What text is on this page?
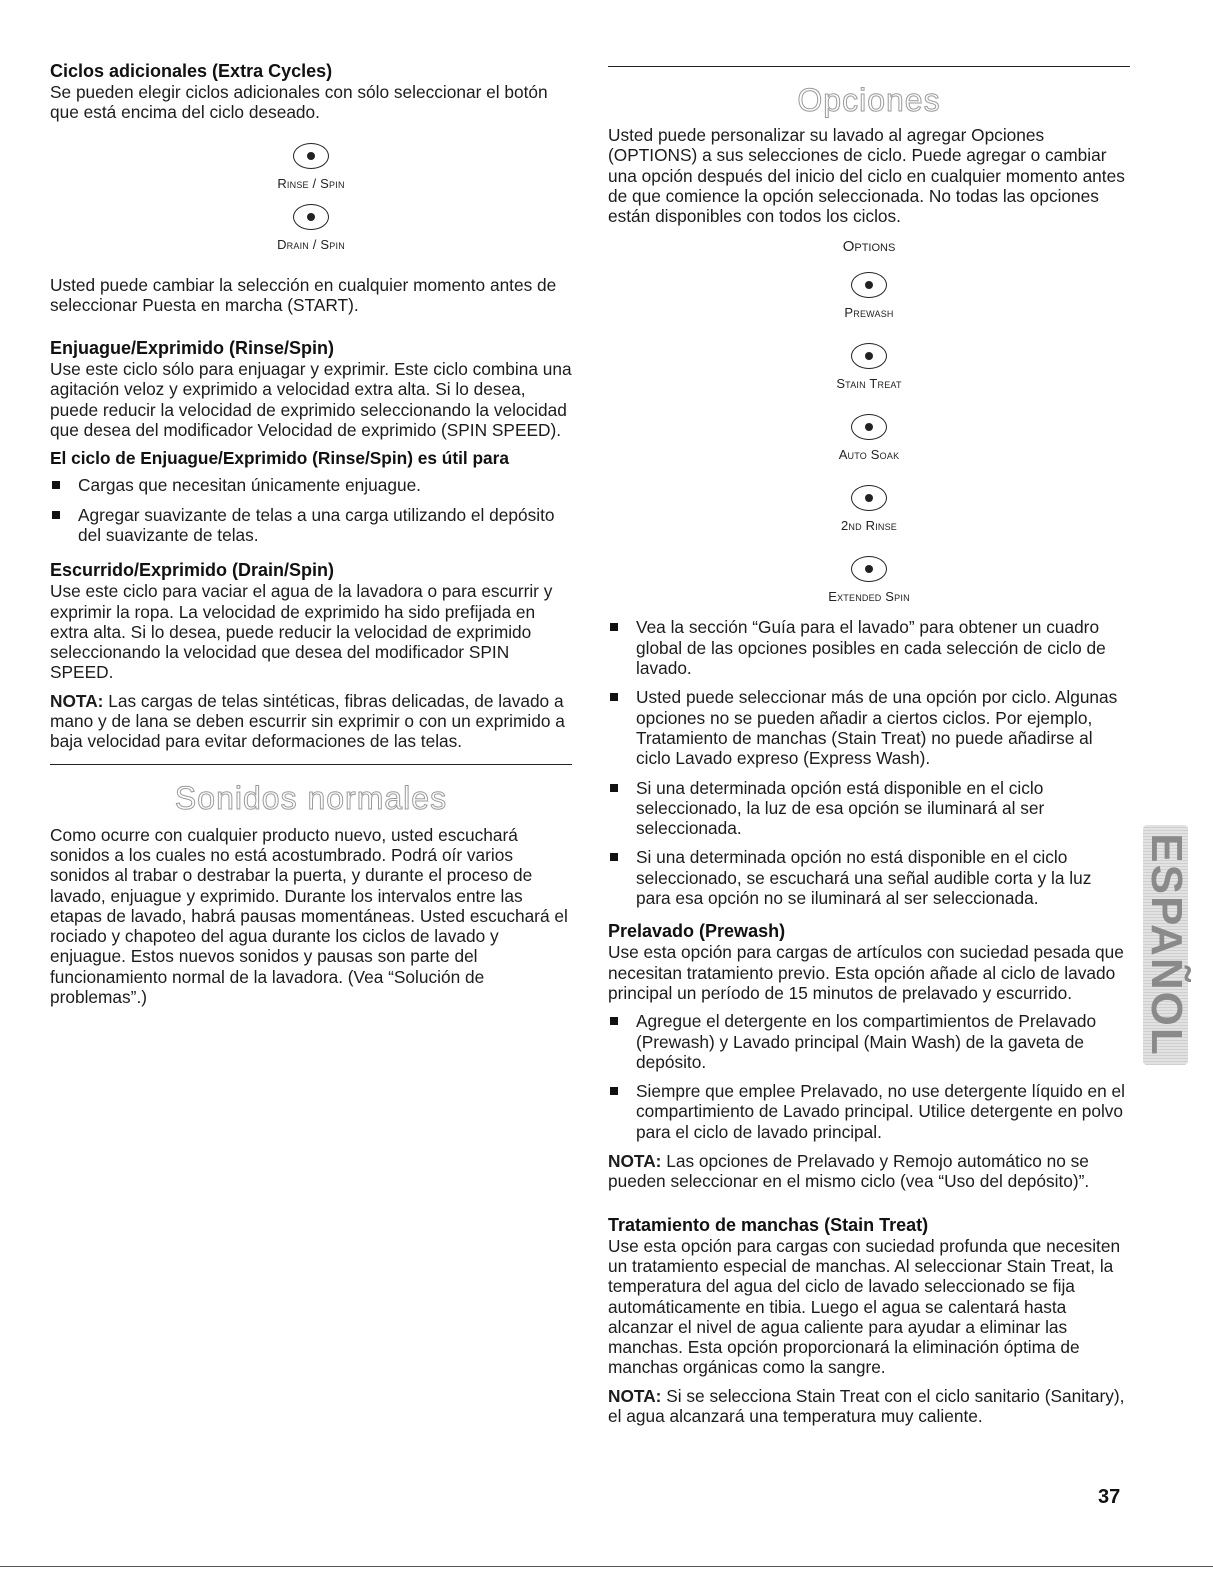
Ciclos adicionales (Extra Cycles)

Se pueden elegir ciclos adicionales con sólo seleccionar el botón que está encima del ciclo deseado.

Rinse / Spin
Drain / Spin

Usted puede cambiar la selección en cualquier momento antes de seleccionar Puesta en marcha (START).

Enjuague/Exprimido (Rinse/Spin)

Use este ciclo sólo para enjuagar y exprimir. Este ciclo combina una agitación veloz y exprimido a velocidad extra alta. Si lo desea, puede reducir la velocidad de exprimido seleccionando la velocidad que desea del modificador Velocidad de exprimido (SPIN SPEED).

El ciclo de Enjuague/Exprimido (Rinse/Spin) es útil para
Cargas que necesitan únicamente enjuague.
Agregar suavizante de telas a una carga utilizando el depósito del suavizante de telas.
Escurrido/Exprimido (Drain/Spin)

Use este ciclo para vaciar el agua de la lavadora o para escurrir y exprimir la ropa. La velocidad de exprimido ha sido prefijada en extra alta. Si lo desea, puede reducir la velocidad de exprimido seleccionando la velocidad que desea del modificador SPIN SPEED.

NOTA: Las cargas de telas sintéticas, fibras delicadas, de lavado a mano y de lana se deben escurrir sin exprimir o con un exprimido a baja velocidad para evitar deformaciones de las telas.

Sonidos normales

Como ocurre con cualquier producto nuevo, usted escuchará sonidos a los cuales no está acostumbrado. Podrá oír varios sonidos al trabar o destrabar la puerta, y durante el proceso de lavado, enjuague y exprimido. Durante los intervalos entre las etapas de lavado, habrá pausas momentáneas. Usted escuchará el rociado y chapoteo del agua durante los ciclos de lavado y enjuague. Estos nuevos sonidos y pausas son parte del funcionamiento normal de la lavadora. (Vea “Solución de problemas”.)

Opciones

Usted puede personalizar su lavado al agregar Opciones (OPTIONS) a sus selecciones de ciclo. Puede agregar o cambiar una opción después del inicio del ciclo en cualquier momento antes de que comience la opción seleccionada. No todas las opciones están disponibles con todos los ciclos.

Options
Prewash
Stain Treat
Auto Soak
2nd Rinse
Extended Spin
Vea la sección “Guía para el lavado” para obtener un cuadro global de las opciones posibles en cada selección de ciclo de lavado.
Usted puede seleccionar más de una opción por ciclo. Algunas opciones no se pueden añadir a ciertos ciclos. Por ejemplo, Tratamiento de manchas (Stain Treat) no puede añadirse al ciclo Lavado expreso (Express Wash).
Si una determinada opción está disponible en el ciclo seleccionado, la luz de esa opción se iluminará al ser seleccionada.
Si una determinada opción no está disponible en el ciclo seleccionado, se escuchará una señal audible corta y la luz para esa opción no se iluminará al ser seleccionada.
Prelavado (Prewash)

Use esta opción para cargas de artículos con suciedad pesada que necesitan tratamiento previo. Esta opción añade al ciclo de lavado principal un período de 15 minutos de prelavado y escurrido.

Agregue el detergente en los compartimientos de Prelavado (Prewash) y Lavado principal (Main Wash) de la gaveta de depósito.
Siempre que emplee Prelavado, no use detergente líquido en el compartimiento de Lavado principal. Utilice detergente en polvo para el ciclo de lavado principal.

NOTA: Las opciones de Prelavado y Remojo automático no se pueden seleccionar en el mismo ciclo (vea “Uso del depósito)”.

Tratamiento de manchas (Stain Treat)

Use esta opción para cargas con suciedad profunda que necesiten un tratamiento especial de manchas. Al seleccionar Stain Treat, la temperatura del agua del ciclo de lavado seleccionado se fija automáticamente en tibia. Luego el agua se calentará hasta alcanzar el nivel de agua caliente para ayudar a eliminar las manchas. Esta opción proporcionará la eliminación óptima de manchas orgánicas como la sangre.

NOTA: Si se selecciona Stain Treat con el ciclo sanitario (Sanitary), el agua alcanzará una temperatura muy caliente.

ESPAÑOL
37
